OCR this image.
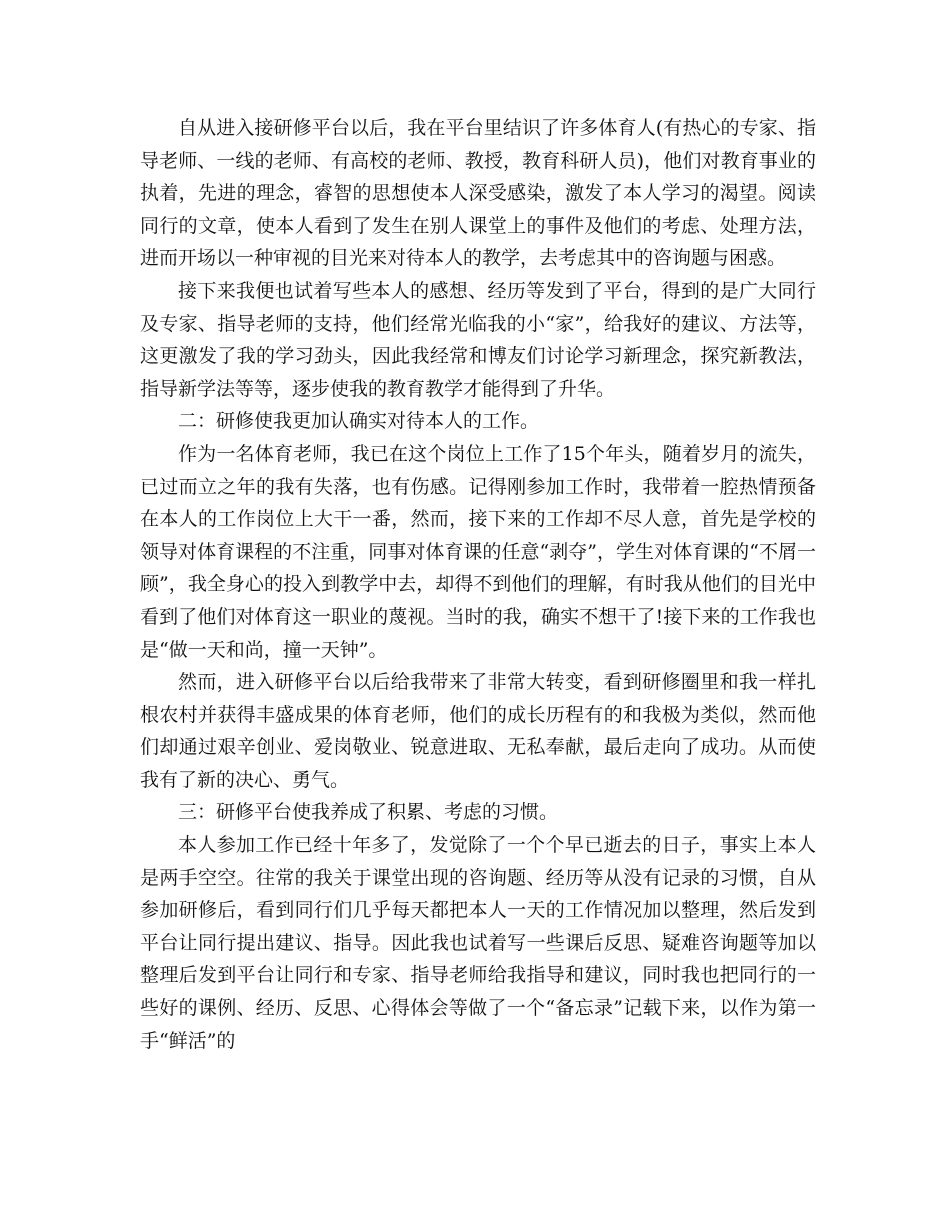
自从进入接研修平台以后，我在平台里结识了许多体育人(有热心的专家、指导老师、一线的老师、有高校的老师、教授，教育科研人员)，他们对教育事业的执着，先进的理念，睿智的思想使本人深受感染，激发了本人学习的渴望。阅读同行的文章，使本人看到了发生在别人课堂上的事件及他们的考虑、处理方法，进而开场以一种审视的目光来对待本人的教学，去考虑其中的咨询题与困惑。

接下来我便也试着写些本人的感想、经历等发到了平台，得到的是广大同行及专家、指导老师的支持，他们经常光临我的小“家”，给我好的建议、方法等，这更激发了我的学习劲头，因此我经常和博友们讨论学习新理念，探究新教法，指导新学法等等，逐步使我的教育教学才能得到了升华。

二：研修使我更加认确实对待本人的工作。

作为一名体育老师，我已在这个岗位上工作了15个年头，随着岁月的流失，已过而立之年的我有失落，也有伤感。记得刚参加工作时，我带着一腔热情预备在本人的工作岗位上大干一番，然而，接下来的工作却不尽人意，首先是学校的领导对体育课程的不注重，同事对体育课的任意“剥夺”，学生对体育课的“不屑一顾”，我全身心的投入到教学中去，却得不到他们的理解，有时我从他们的目光中看到了他们对体育这一职业的蔑视。当时的我，确实不想干了!接下来的工作我也是“做一天和尚，撞一天钟”。

然而，进入研修平台以后给我带来了非常大转变，看到研修圈里和我一样扎根农村并获得丰盛成果的体育老师，他们的成长历程有的和我极为类似，然而他们却通过艰辛创业、爱岗敬业、锐意进取、无私奉献，最后走向了成功。从而使我有了新的决心、勇气。

三：研修平台使我养成了积累、考虑的习惯。

本人参加工作已经十年多了，发觉除了一个个早已逝去的日子，事实上本人是两手空空。往常的我关于课堂出现的咨询题、经历等从没有记录的习惯，自从参加研修后，看到同行们几乎每天都把本人一天的工作情况加以整理，然后发到平台让同行提出建议、指导。因此我也试着写一些课后反思、疑难咨询题等加以整理后发到平台让同行和专家、指导老师给我指导和建议，同时我也把同行的一些好的课例、经历、反思、心得体会等做了一个“备忘录”记载下来，以作为第一手“鲜活”的
